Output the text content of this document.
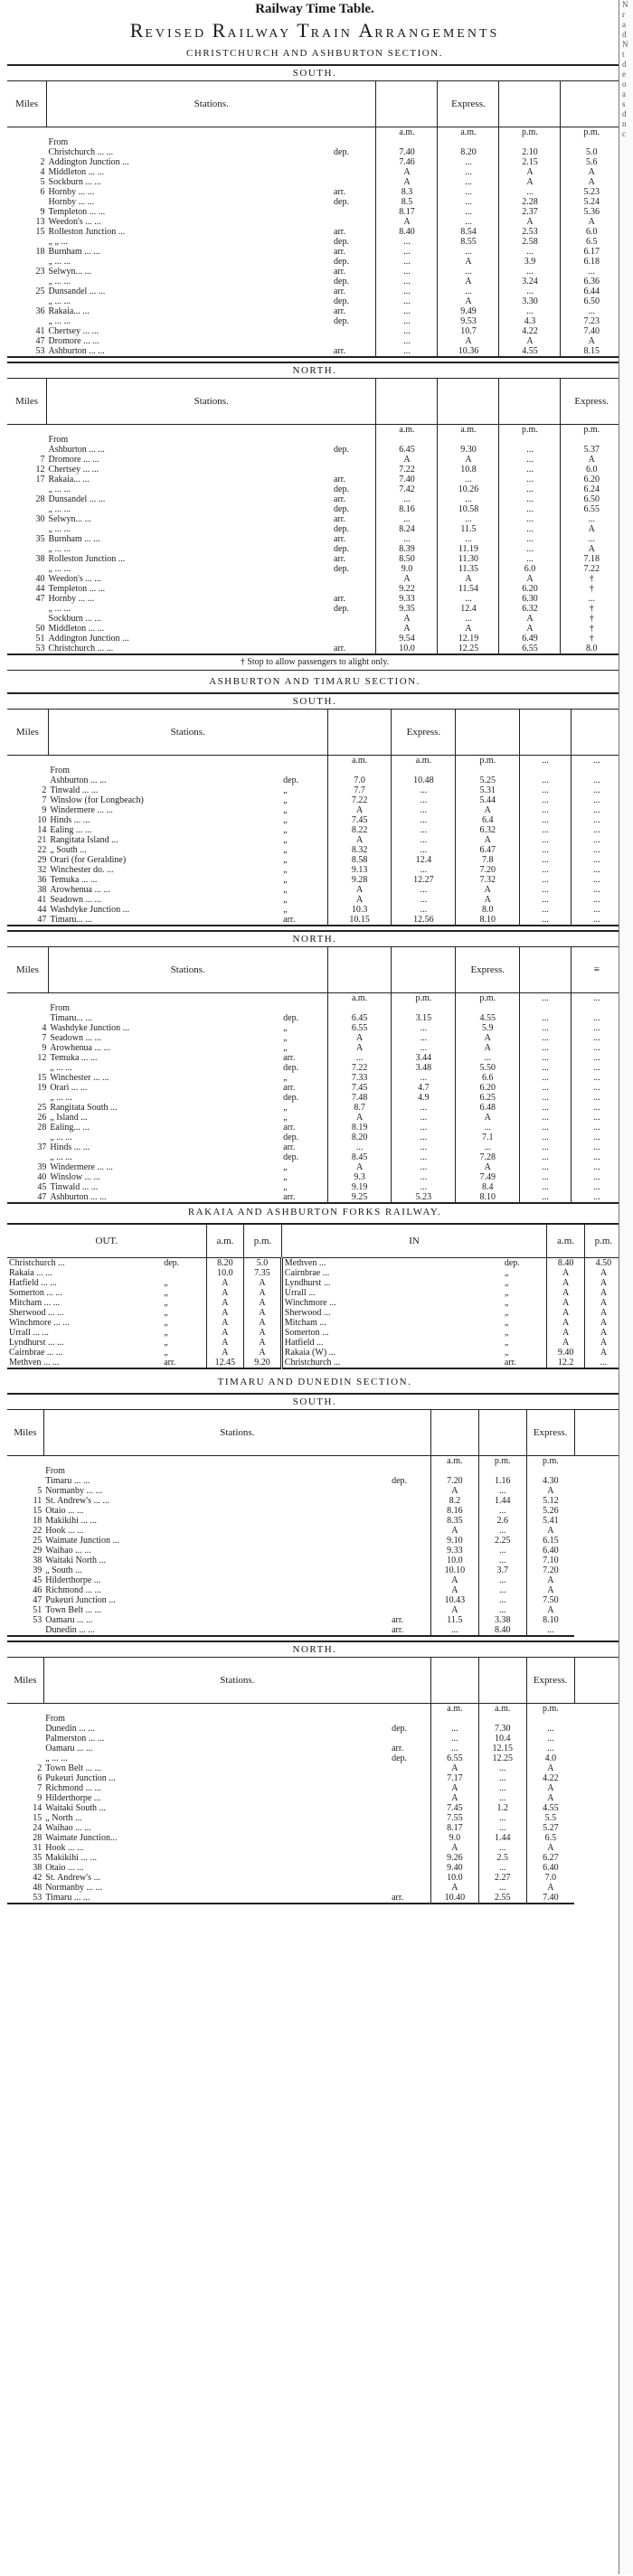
Railway Time Table.
REVISED RAILWAY TRAIN ARRANGEMENTS
CHRISTCHURCH AND ASHBURTON SECTION.
SOUTH.
Miles	Stations.			Express.		
			a.m.	a.m.	p.m.	p.m.
	From					
	Christchurch ... ...	dep.	7.40	8.20	2.10	5.0
2	Addington Junction ...		7.46	...	2.15	5.6
4	Middleton ... ...		A	...	A	A
5	Sockburn ... ...		A	...	A	A
6	Hornby ... ...	arr.	8.3	...	...	5.23
	Hornby ... ...	dep.	8.5	...	2.28	5.24
9	Templeton ... ...		8.17	...	2.37	5.36
13	Weedon's ... ...		A	...	A	A
15	Rolleston Junction ...	arr.	8.40	8.54	2.53	6.0
	„ „ ...	dep.	...	8.55	2.58	6.5
18	Burnham ... ...	arr.	...	...	...	6.17
	„ ... ...	dep.	...	A	3.9	6.18
23	Selwyn... ...	arr.	...	...	...	...
	„ ... ...	dep.	...	A	3.24	6.36
25	Dunsandel ... ...	arr.	...	...	...	6.44
	„ ... ...	dep.	...	A	3.30	6.50
36	Rakaia... ...	arr.	...	9.49	...	...
	„ ... ...	dep.	...	9.53	4.3	7.23
41	Chertsey ... ...		...	10.7	4.22	7.40
47	Dromore ... ...		...	A	A	A
53	Ashburton ... ...	arr.	...	10.36	4.55	8.15
NORTH.
Miles	Stations.					Express.
			a.m.	a.m.	p.m.	p.m.
	From					
	Ashburton ... ...	dep.	6.45	9.30	...	5.37
7	Dromore ... ...		A	A	...	A
12	Chertsey ... ...		7.22	10.8	...	6.0
17	Rakaia... ...	arr.	7.40	...	...	6.20
	„ ... ...	dep.	7.42	10.26	...	6.24
28	Dunsandel ... ...	arr.	...	...	...	6.50
	„ ... ...	dep.	8.16	10.58	...	6.55
30	Selwyn... ...	arr.	...	...	...	...
	„ ... ...	dep.	8.24	11.5	...	A
35	Burnham ... ...	arr.	...	...	...	...
	„ ... ...	dep.	8.39	11.19	...	A
38	Rolleston Junction ...	arr.	8.50	11.30	...	7.18
	„ ... ...	dep.	9.0	11.35	6.0	7.22
40	Weedon's ... ...		A	A	A	†
44	Templeton ... ...		9.22	11.54	6.20	†
47	Hornby ... ...	arr.	9.33	...	6.30	...
	„ ... ...	dep.	9.35	12.4	6.32	†
	Sockburn ... ...		A	...	A	†
50	Middleton ... ...		A	A	A	†
51	Addington Junction ...		9.54	12.19	6.49	†
53	Christchurch ... ...	arr.	10.0	12.25	6.55	8.0
† Stop to allow passengers to alight only.
ASHBURTON AND TIMARU SECTION.
SOUTH.
Miles	Stations.			Express.			
			a.m.	a.m.	p.m.	...	...
	From						
	Ashburton ... ...	dep.	7.0	10.48	5.25	...	...
2	Tinwald ... ...	„	7.7	...	5.31	...	...
7	Winslow (for Longbeach)	„	7.22	...	5.44	...	...
9	Windermere ... ...	„	A	...	A	...	...
10	Hinds ... ...	„	7.45	...	6.4	...	...
14	Ealing ... ...	„	8.22	...	6.32	...	...
21	Rangitata Island ...	„	A	...	A	...	...
22	„ South ...	„	8.32	...	6.47	...	...
29	Orari (for Geraldine)	„	8.58	12.4	7.8	...	...
32	Winchester do. ...	„	9.13	...	7.20	...	...
36	Temuka ... ...	„	9.28	12.27	7.32	...	...
38	Arowhenua ... ...	„	A	...	A	...	...
41	Seadown ... ...	„	A	...	A	...	...
44	Washdyke Junction ...	„	10.3	...	8.0	...	...
47	Timaru... ...	arr.	10.15	12.56	8.10	...	...
NORTH.
Miles	Stations.				Express.		≡
			a.m.	p.m.	p.m.	...	...
	From						
	Timaru... ...	dep.	6.45	3.15	4.55	...	...
4	Washdyke Junction ...	„	6.55	...	5.9	...	...
7	Seadown ... ...	„	A	...	A	...	...
9	Arowhenua ... ...	„	A	...	A	...	...
12	Temuka ... ...	arr.	...	3.44	...	...	...
	„ ... ...	dep.	7.22	3.48	5.50	...	...
15	Winchester ... ...	„	7.33	...	6.6	...	...
19	Orari ... ...	arr.	7.45	4.7	6.20	...	...
	„ ... ...	dep.	7.48	4.9	6.25	...	...
25	Rangitata South ...	„	8.7	...	6.48	...	...
26	„ Island ...	„	A	...	A	...	...
28	Ealing... ...	arr.	8.19	...	...	...	...
	„ ... ...	dep.	8.20	...	7.1	...	...
37	Hinds ... ...	arr.	...	...	...	...	...
	„ ... ...	dep.	8.45	...	7.28	...	...
39	Windermere ... ...	„	A	...	A	...	...
40	Winslow ... ...	„	9.3	...	7.49	...	...
45	Tinwald ... ...	„	9.19	...	8.4	...	...
47	Ashburton ... ...	arr.	9.25	5.23	8.10	...	...
RAKAIA AND ASHBURTON FORKS RAILWAY.
OUT.		a.m.	p.m.	IN		a.m.	p.m.
Christchurch ...	dep.	8.20	5.0	Methven ...	dep.	8.40	4.50
Rakaia ... ...		10.0	7.35	Cairnbrae ...	„	A	A
Hatfield ... ...	„	A	A	Lyndhurst ...	„	A	A
Somerton ... ...	„	A	A	Urrall ...	„	A	A
Mitcham ... ...	„	A	A	Winchmore ...	„	A	A
Sherwood ... ...	„	A	A	Sherwood ...	„	A	A
Winchmore ... ...	„	A	A	Mitcham ...	„	A	A
Urrall ... ...	„	A	A	Somerton ...	„	A	A
Lyndhurst ... ...	„	A	A	Hatfield ...	„	A	A
Cairnbrae ... ...	„	A	A	Rakaia (W) ...	„	9.40	A
Methven ... ...	arr.	12.45	9.20	Christchurch ...	arr.	12.2	...
TIMARU AND DUNEDIN SECTION.
SOUTH.
Miles	Stations.				Express.	
			a.m.	p.m.	p.m.	
	From					
	Timaru ... ...	dep.	7.20	1.16	4.30	
5	Normanby ... ...		A	...	A	
11	St. Andrew's ... ...		8.2	1.44	5.12	
15	Otaio ... ...		8.16	...	5.26	
18	Makikihi ... ...		8.35	2.6	5.41	
22	Hook ... ...		A	...	A	
25	Waimate Junction ...		9.10	2.25	6.15	
29	Waihao ... ...		9.33	...	6.40	
38	Waitaki North ...		10.0	...	7.10	
39	„ South ...		10.10	3.7	7.20	
45	Hilderthorpe ...		A	...	A	
46	Richmond ... ...		A	...	A	
47	Pukeuri Junction ...		10.43	...	7.50	
51	Town Belt ... ...		A	...	A	
53	Oamaru ... ...	arr.	11.5	3.38	8.10	
	Dunedin ... ...	arr.	...	8.40	...	
NORTH.
Miles	Stations.				Express.	
			a.m.	a.m.	p.m.	
	From					
	Dunedin ... ...	dep.	...	7.30	...	
	Palmerston ... ...		...	10.4	...	
	Oamaru ... ...	arr.	...	12.15	...	
	„ ... ...	dep.	6.55	12.25	4.0	
2	Town Belt ... ...		A	...	A	
6	Pukeuri Junction ...		7.17	...	4.22	
7	Richmond ... ...		A	...	A	
9	Hilderthorpe ...		A	...	A	
14	Waitaki South ...		7.45	1.2	4.55	
15	„ North ...		7.55	...	5.5	
24	Waihao ... ...		8.17	...	5.27	
28	Waimate Junction...		9.0	1.44	6.5	
31	Hook ... ...		A	...	A	
35	Makikihi ... ...		9.26	2.5	6.27	
38	Otaio ... ...		9.40	...	6.40	
42	St. Andrew's ...		10.0	2.27	7.0	
48	Normanby ... ...		A	...	A	
53	Timaru ... ...	arr.	10.40	2.55	7.40	
N
r
a
d
N
t
d
e
o
a
s
d
n
c
